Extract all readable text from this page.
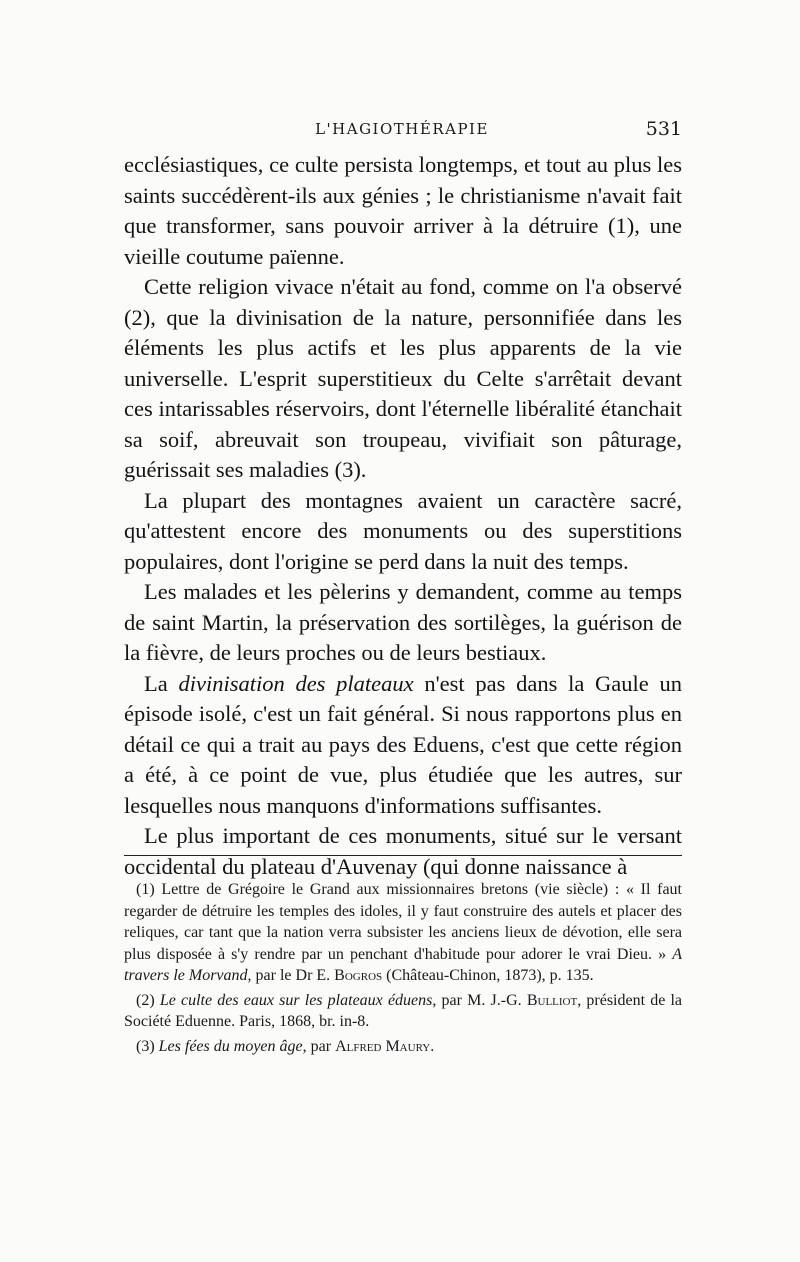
L'HAGIOTHÉRAPIE	531

ecclésiastiques, ce culte persista longtemps, et tout au plus les saints succédèrent-ils aux génies ; le christianisme n'avait fait que transformer, sans pouvoir arriver à la détruire (1), une vieille coutume païenne.

Cette religion vivace n'était au fond, comme on l'a observé (2), que la divinisation de la nature, personnifiée dans les éléments les plus actifs et les plus apparents de la vie universelle. L'esprit superstitieux du Celte s'arrêtait devant ces intarissables réservoirs, dont l'éternelle libéralité étanchait sa soif, abreuvait son troupeau, vivifiait son pâturage, guérissait ses maladies (3).

La plupart des montagnes avaient un caractère sacré, qu'attestent encore des monuments ou des superstitions populaires, dont l'origine se perd dans la nuit des temps.

Les malades et les pèlerins y demandent, comme au temps de saint Martin, la préservation des sortilèges, la guérison de la fièvre, de leurs proches ou de leurs bestiaux.

La divinisation des plateaux n'est pas dans la Gaule un épisode isolé, c'est un fait général. Si nous rapportons plus en détail ce qui a trait au pays des Eduens, c'est que cette région a été, à ce point de vue, plus étudiée que les autres, sur lesquelles nous manquons d'informations suffisantes.

Le plus important de ces monuments, situé sur le versant occidental du plateau d'Auvenay (qui donne naissance à

(1) Lettre de Grégoire le Grand aux missionnaires bretons (vie siècle) : « Il faut regarder de détruire les temples des idoles, il y faut construire des autels et placer des reliques, car tant que la nation verra subsister les anciens lieux de dévotion, elle sera plus disposée à s'y rendre par un penchant d'habitude pour adorer le vrai Dieu. » A travers le Morvand, par le Dr E. Bogros (Château-Chinon, 1873), p. 135.

(2) Le culte des eaux sur les plateaux éduens, par M. J.-G. Bulliot, président de la Société Eduenne. Paris, 1868, br. in-8.

(3) Les fées du moyen âge, par Alfred Maury.
